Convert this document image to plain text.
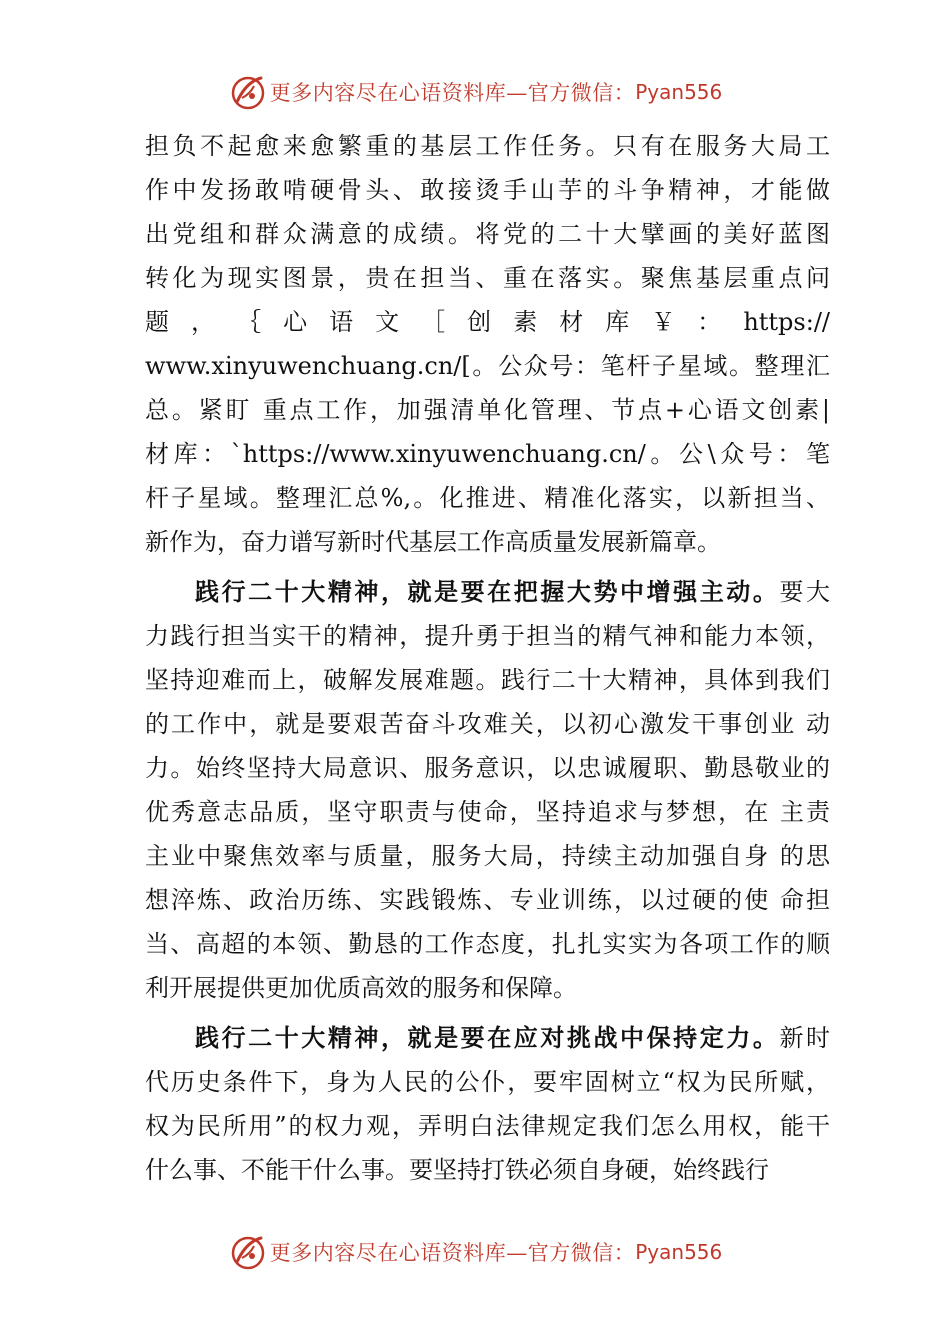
更多内容尽在心语资料库—官方微信： Pyan556
担负不起愈来愈繁重的基层工作任务。只有在服务大局工
作中发扬敢啃硬骨头、敢接烫手山芋的斗争精神，才能做
出党组和群众满意的成绩。将党的二十大擘画的美好蓝图
转化为现实图景，贵在担当、重在落实。聚焦基层重点问
题 ， ｛ 心 语 文 ［ 创 素 材 库 ￥ ： https://
www.xinyuwenchuang.cn/[。公众号：笔杆子星域。整理汇
总。紧盯 重点工作，加强清单化管理、节点+心语文创素|
材库：`https://www.xinyuwenchuang.cn/。公\众号：笔
杆子星域。整理汇总%,。化推进、精准化落实，以新担当、
新作为，奋力谱写新时代基层工作高质量发展新篇章。
践行二十大精神，就是要在把握大势中增强主动。要大
力践行担当实干的精神，提升勇于担当的精气神和能力本领，
坚持迎难而上，破解发展难题。践行二十大精神，具体到我们
的工作中，就是要艰苦奋斗攻难关，以初心激发干事创业 动
力。始终坚持大局意识、服务意识，以忠诚履职、勤恳敬业的
优秀意志品质，坚守职责与使命，坚持追求与梦想，在 主责
主业中聚焦效率与质量，服务大局，持续主动加强自身 的思
想淬炼、政治历练、实践锻炼、专业训练，以过硬的使 命担
当、高超的本领、勤恳的工作态度，扎扎实实为各项工作的顺
利开展提供更加优质高效的服务和保障。
践行二十大精神，就是要在应对挑战中保持定力。新时
代历史条件下，身为人民的公仆，要牢固树立“权为民所赋，
权为民所用”的权力观，弄明白法律规定我们怎么用权，能干
什么事、不能干什么事。要坚持打铁必须自身硬，始终践行
更多内容尽在心语资料库—官方微信： Pyan556
